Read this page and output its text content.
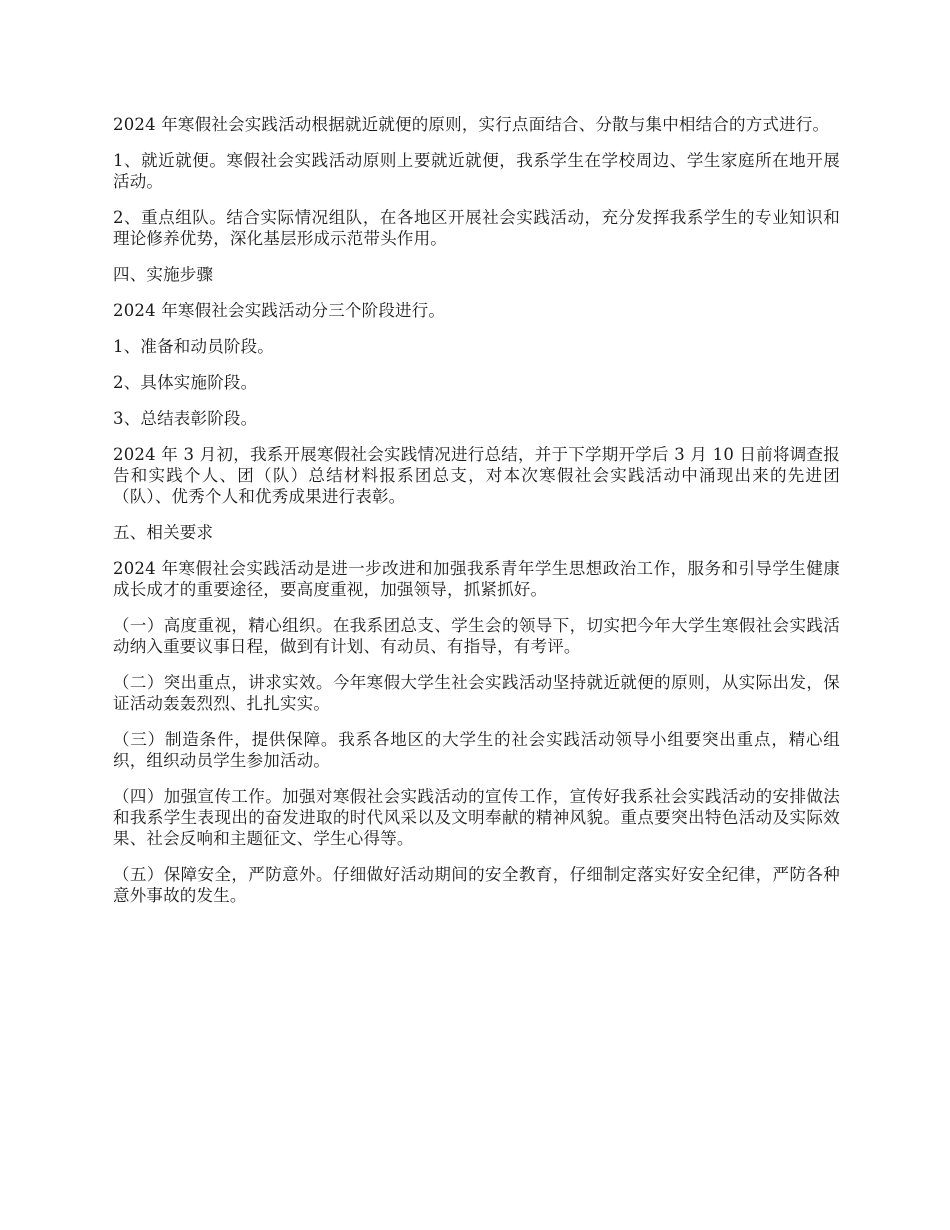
2024 年寒假社会实践活动根据就近就便的原则，实行点面结合、分散与集中相结合的方式进行。

1、就近就便。寒假社会实践活动原则上要就近就便，我系学生在学校周边、学生家庭所在地开展活动。

2、重点组队。结合实际情况组队，在各地区开展社会实践活动，充分发挥我系学生的专业知识和理论修养优势，深化基层形成示范带头作用。

四、实施步骤

2024 年寒假社会实践活动分三个阶段进行。

1、准备和动员阶段。

2、具体实施阶段。

3、总结表彰阶段。

2024 年 3 月初，我系开展寒假社会实践情况进行总结，并于下学期开学后 3 月 10 日前将调查报告和实践个人、团（队）总结材料报系团总支，对本次寒假社会实践活动中涌现出来的先进团（队）、优秀个人和优秀成果进行表彰。

五、相关要求

2024 年寒假社会实践活动是进一步改进和加强我系青年学生思想政治工作，服务和引导学生健康成长成才的重要途径，要高度重视，加强领导，抓紧抓好。

（一）高度重视，精心组织。在我系团总支、学生会的领导下，切实把今年大学生寒假社会实践活动纳入重要议事日程，做到有计划、有动员、有指导，有考评。

（二）突出重点，讲求实效。今年寒假大学生社会实践活动坚持就近就便的原则，从实际出发，保证活动轰轰烈烈、扎扎实实。

（三）制造条件，提供保障。我系各地区的大学生的社会实践活动领导小组要突出重点，精心组织，组织动员学生参加活动。

（四）加强宣传工作。加强对寒假社会实践活动的宣传工作，宣传好我系社会实践活动的安排做法和我系学生表现出的奋发进取的时代风采以及文明奉献的精神风貌。重点要突出特色活动及实际效果、社会反响和主题征文、学生心得等。

（五）保障安全，严防意外。仔细做好活动期间的安全教育，仔细制定落实好安全纪律，严防各种意外事故的发生。
